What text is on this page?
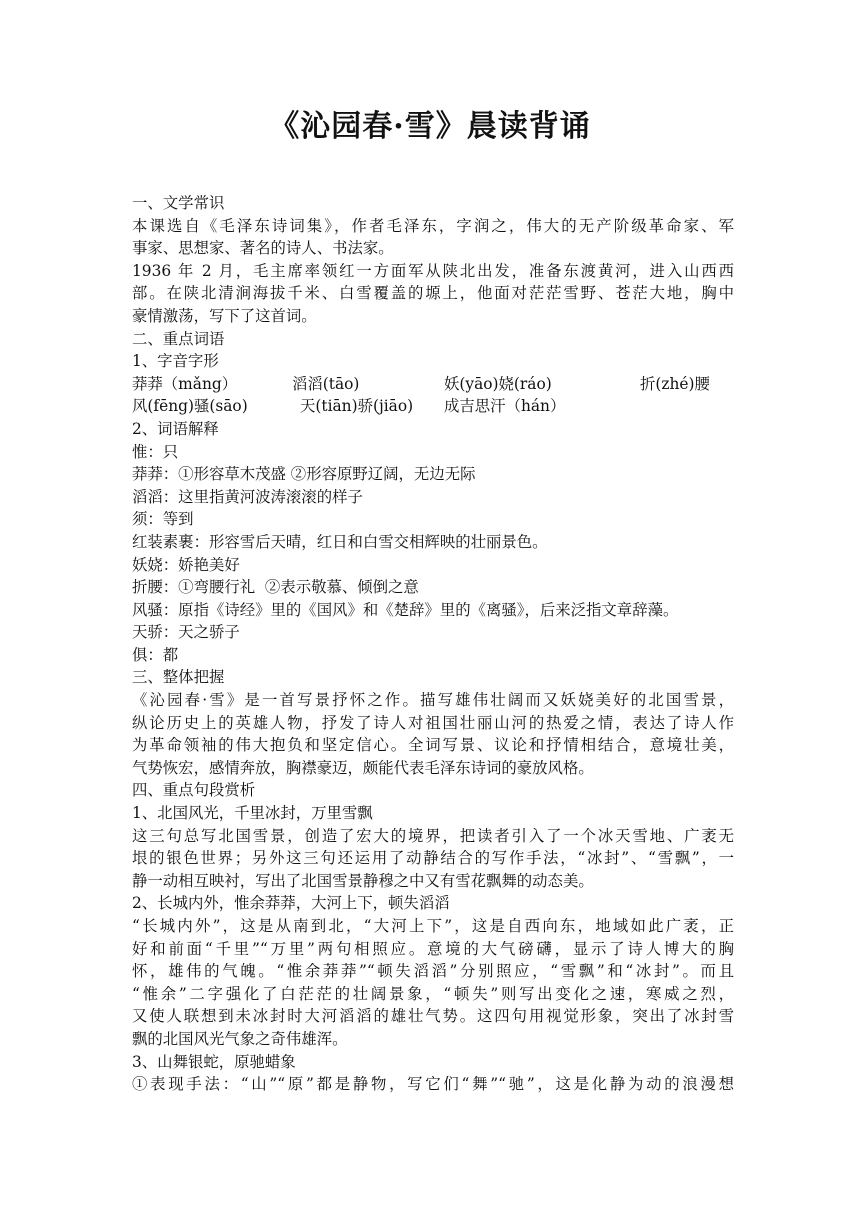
《沁园春·雪》晨读背诵
一、文学常识
本课选自《毛泽东诗词集》，作者毛泽东，字润之，伟大的无产阶级革命家、军
事家、思想家、著名的诗人、书法家。
1936 年 2 月，毛主席率领红一方面军从陕北出发，准备东渡黄河，进入山西西
部。在陕北清涧海拔千米、白雪覆盖的塬上，他面对茫茫雪野、苍茫大地，胸中
豪情激荡，写下了这首词。
二、重点词语
1、字音字形
莽莽（mǎng）	滔滔(tāo)	妖(yāo)娆(ráo)	折(zhé)腰
风(fēng)骚(sāo)	天(tiān)骄(jiāo) 成吉思汗（hán）
2、词语解释
惟：只
莽莽：①形容草木茂盛 ②形容原野辽阔，无边无际
滔滔：这里指黄河波涛滚滚的样子
须：等到
红装素裹：形容雪后天晴，红日和白雪交相辉映的壮丽景色。
妖娆：娇艳美好
折腰：①弯腰行礼  ②表示敬慕、倾倒之意
风骚：原指《诗经》里的《国风》和《楚辞》里的《离骚》，后来泛指文章辞藻。
天骄：天之骄子
俱：都
三、整体把握
《沁园春·雪》是一首写景抒怀之作。描写雄伟壮阔而又妖娆美好的北国雪景，
纵论历史上的英雄人物，抒发了诗人对祖国壮丽山河的热爱之情，表达了诗人作
为革命领袖的伟大抱负和坚定信心。全词写景、议论和抒情相结合，意境壮美，
气势恢宏，感情奔放，胸襟豪迈，颇能代表毛泽东诗词的豪放风格。
四、重点句段赏析
1、北国风光，千里冰封，万里雪飘
这三句总写北国雪景，创造了宏大的境界，把读者引入了一个冰天雪地、广袤无
垠的银色世界；另外这三句还运用了动静结合的写作手法，“冰封”、“雪飘”，一
静一动相互映衬，写出了北国雪景静穆之中又有雪花飘舞的动态美。
2、长城内外，惟余莽莽，大河上下，顿失滔滔
“长城内外”，这是从南到北，“大河上下”，这是自西向东，地域如此广袤，正
好和前面“千里”“万里”两句相照应。意境的大气磅礴，显示了诗人博大的胸
怀，雄伟的气魄。“惟余莽莽”“顿失滔滔”分别照应，“雪飘”和“冰封”。而且
“惟余”二字强化了白茫茫的壮阔景象，“顿失”则写出变化之速，寒威之烈，
又使人联想到未冰封时大河滔滔的雄壮气势。这四句用视觉形象，突出了冰封雪
飘的北国风光气象之奇伟雄浑。
3、山舞银蛇，原驰蜡象
①表现手法：“山”“原”都是静物，写它们“舞”“驰”，这是化静为动的浪漫想
